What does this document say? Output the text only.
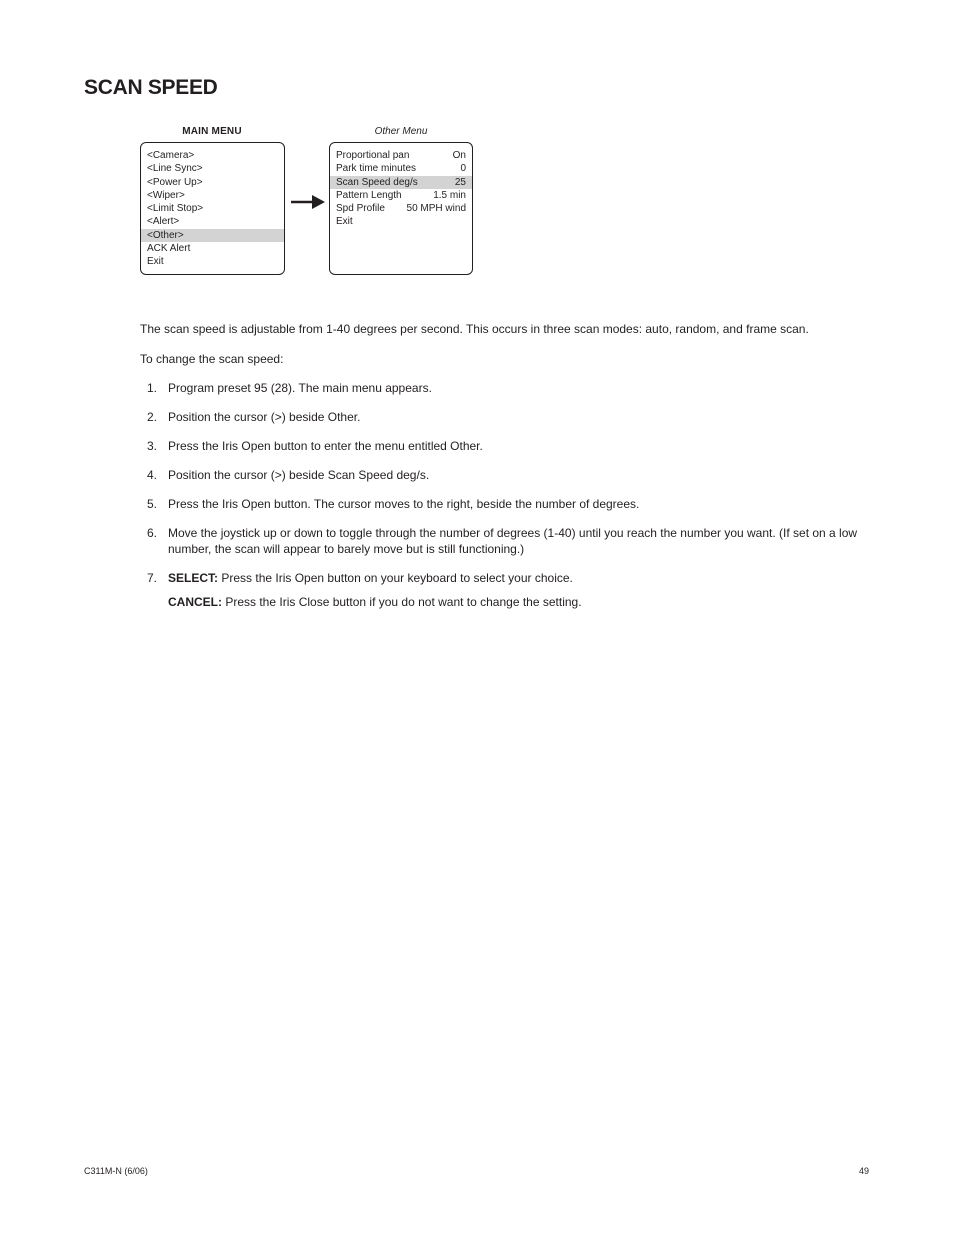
SCAN SPEED
MAIN MENU
<Camera>
<Line Sync>
<Power Up>
<Wiper>
<Limit Stop>
<Alert>
<Other>
ACK Alert
Exit
Other Menu
Proportional pan	On
Park time minutes	0
Scan Speed deg/s	25
Pattern Length	1.5 min
Spd Profile 50 MPH wind
Exit

The scan speed is adjustable from 1-40 degrees per second. This occurs in three scan modes: auto, random, and frame scan.

To change the scan speed:

1. Program preset 95 (28). The main menu appears.
2. Position the cursor (>) beside Other.
3. Press the Iris Open button to enter the menu entitled Other.
4. Position the cursor (>) beside Scan Speed deg/s.
5. Press the Iris Open button. The cursor moves to the right, beside the number of degrees.
6. Move the joystick up or down to toggle through the number of degrees (1-40) until you reach the number you want. (If set on a low number, the scan will appear to barely move but is still functioning.)
7. SELECT: Press the Iris Open button on your keyboard to select your choice.

CANCEL: Press the Iris Close button if you do not want to change the setting.

C311M-N (6/06)	49
